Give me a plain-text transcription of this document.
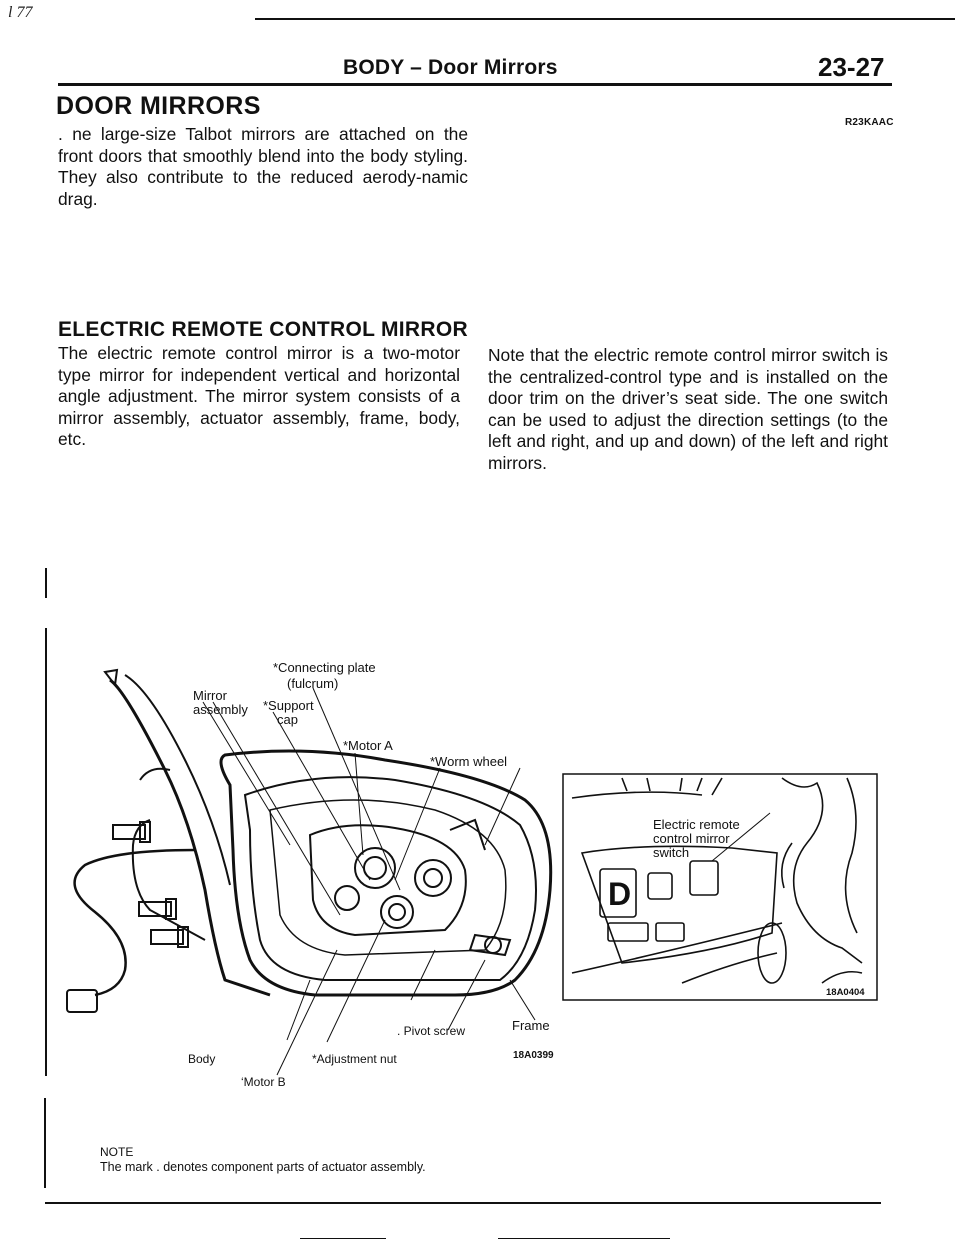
l 77
BODY – Door Mirrors	23-27
DOOR MIRRORS
R23KAAC
. ne large-size Talbot mirrors are attached on the front doors that smoothly blend into the body styling. They also contribute to the reduced aerody-namic drag.
ELECTRIC REMOTE CONTROL MIRROR
The electric remote control mirror is a two-motor type mirror for independent vertical and horizontal angle adjustment. The mirror system consists of a mirror assembly, actuator assembly, frame, body, etc.
Note that the electric remote control mirror switch is the centralized-control type and is installed on the door trim on the driver’s seat side. The one switch can be used to adjust the direction settings (to the left and right, and up and down) of the left and right mirrors.
*Connecting plate
(fulcrum)
Mirror
assembly *Support
cap
*Motor A
*Worm wheel
. Pivot screw	Frame
Body	*Adjustment nut
‘Motor B
18A0399
D
Electric remote
control mirror
switch
18A0404
NOTE
The mark . denotes component parts of actuator assembly.
